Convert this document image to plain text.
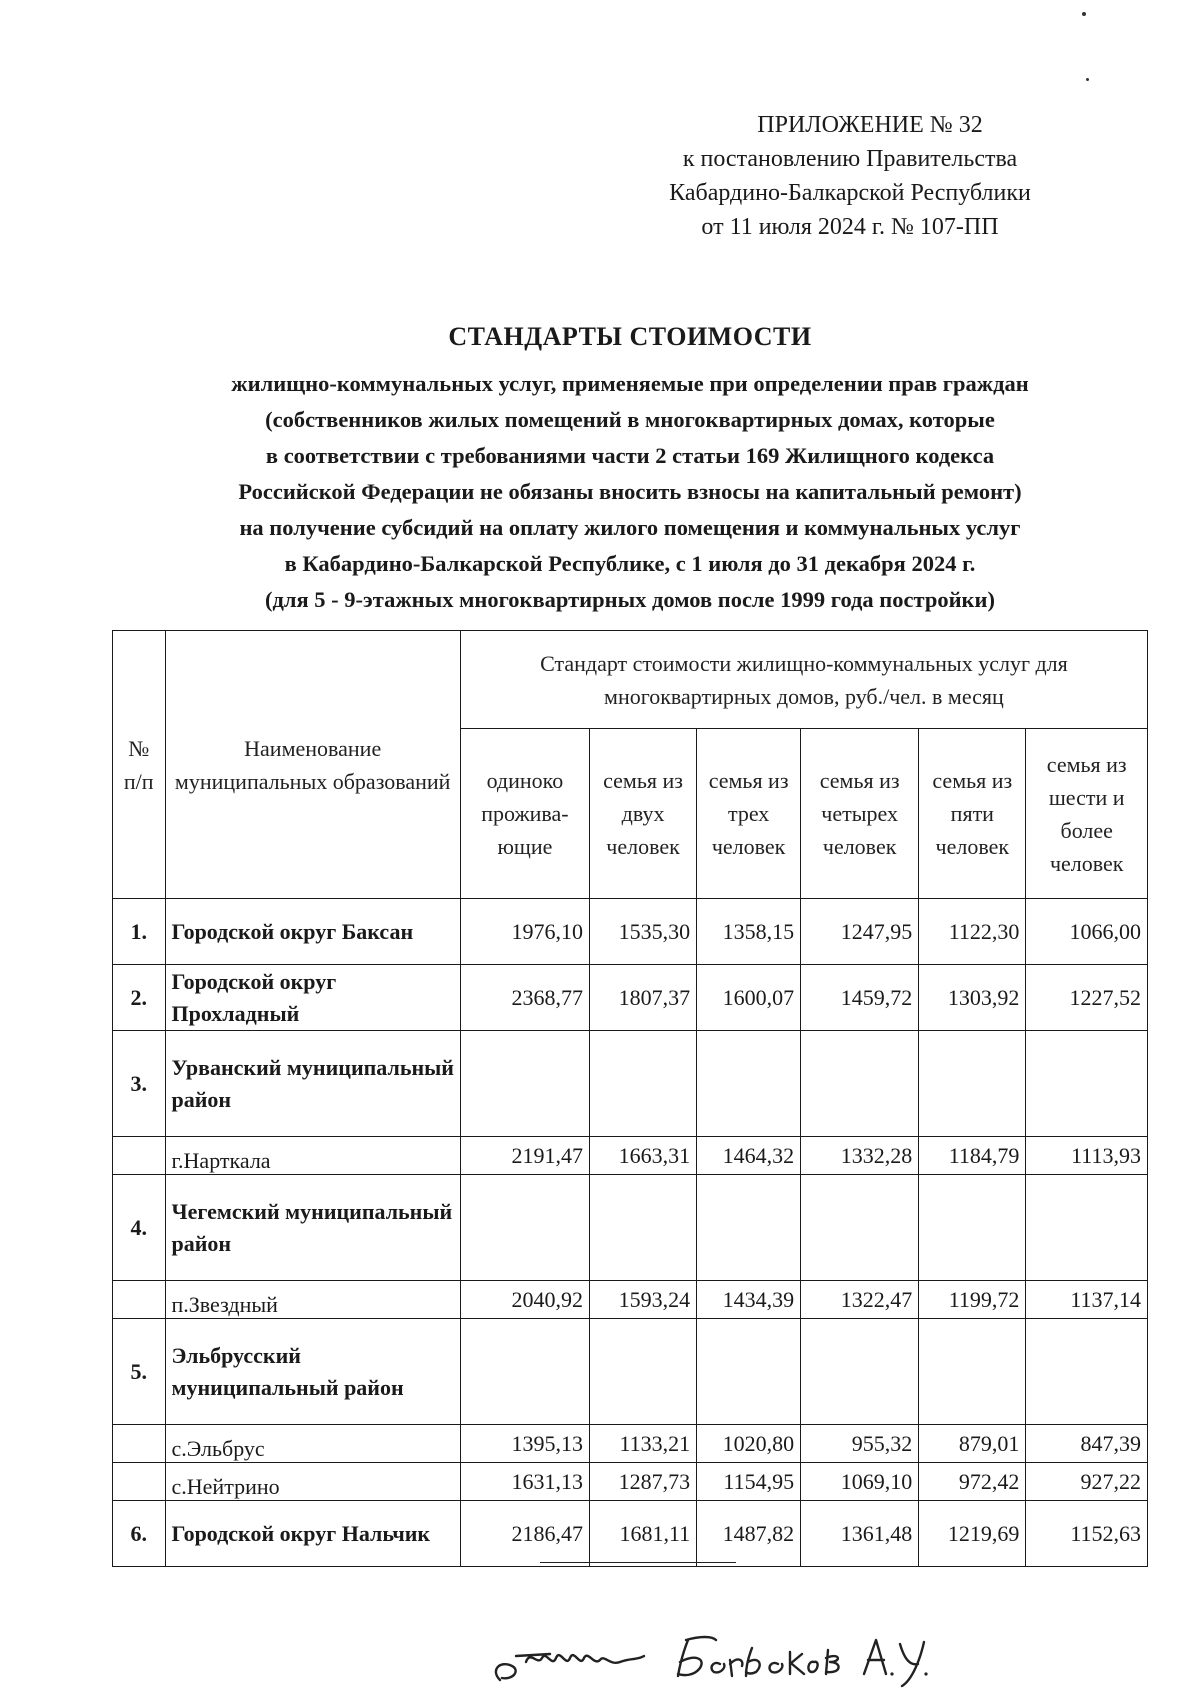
ПРИЛОЖЕНИЕ № 32
к постановлению Правительства
Кабардино-Балкарской Республики
от 11 июля 2024 г. № 107-ПП
СТАНДАРТЫ СТОИМОСТИ
жилищно-коммунальных услуг, применяемые при определении прав граждан
(собственников жилых помещений в многоквартирных домах, которые
в соответствии с требованиями части 2 статьи 169 Жилищного кодекса
Российской Федерации не обязаны вносить взносы на капитальный ремонт)
на получение субсидий на оплату жилого помещения и коммунальных услуг
в Кабардино-Балкарской Республике, с 1 июля до 31 декабря 2024 г.
(для 5 - 9-этажных многоквартирных домов после 1999 года постройки)
№ п/п	Наименование муниципальных образований	Стандарт стоимости жилищно-коммунальных услуг для многоквартирных домов, руб./чел. в месяц					
		одиноко прожива-ющие	семья из двух человек	семья из трех человек	семья из четырех человек	семья из пяти человек	семья из шести и более человек
1.	Городской округ Баксан	1976,10	1535,30	1358,15	1247,95	1122,30	1066,00
2.	Городской округ Прохладный	2368,77	1807,37	1600,07	1459,72	1303,92	1227,52
3.	Урванский муниципальный район						
	г.Нарткала	2191,47	1663,31	1464,32	1332,28	1184,79	1113,93
4.	Чегемский муниципальный район						
	п.Звездный	2040,92	1593,24	1434,39	1322,47	1199,72	1137,14
5.	Эльбрусский муниципальный район						
	с.Эльбрус	1395,13	1133,21	1020,80	955,32	879,01	847,39
	с.Нейтрино	1631,13	1287,73	1154,95	1069,10	972,42	927,22
6.	Городской округ Нальчик	2186,47	1681,11	1487,82	1361,48	1219,69	1152,63
